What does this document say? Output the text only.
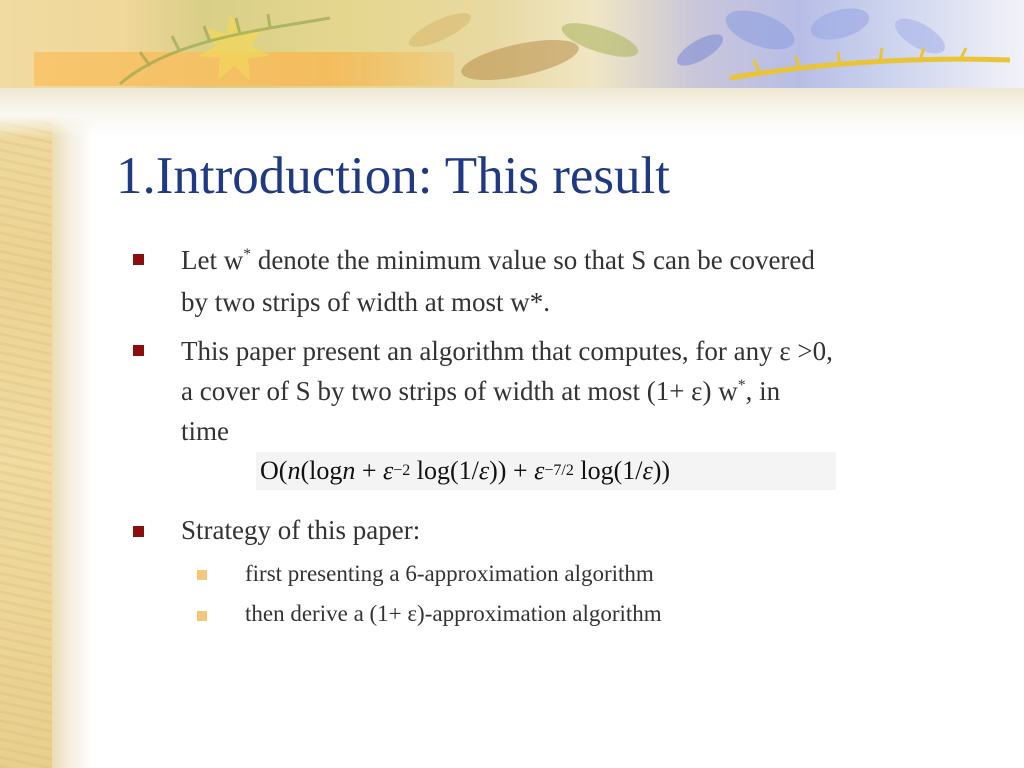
1.Introduction: This result
Let w* denote the minimum value so that S can be covered
by two strips of width at most w*.
This paper present an algorithm that computes, for any ε >0,
a cover of S by two strips of width at most (1+ ε) w*, in
time
Strategy of this paper:
first presenting a 6-approximation algorithm
then derive a (1+ ε)-approximation algorithm
O( n (log n + ε −2 log(1/ ε )) + ε −7/2 log(1/ ε ))
